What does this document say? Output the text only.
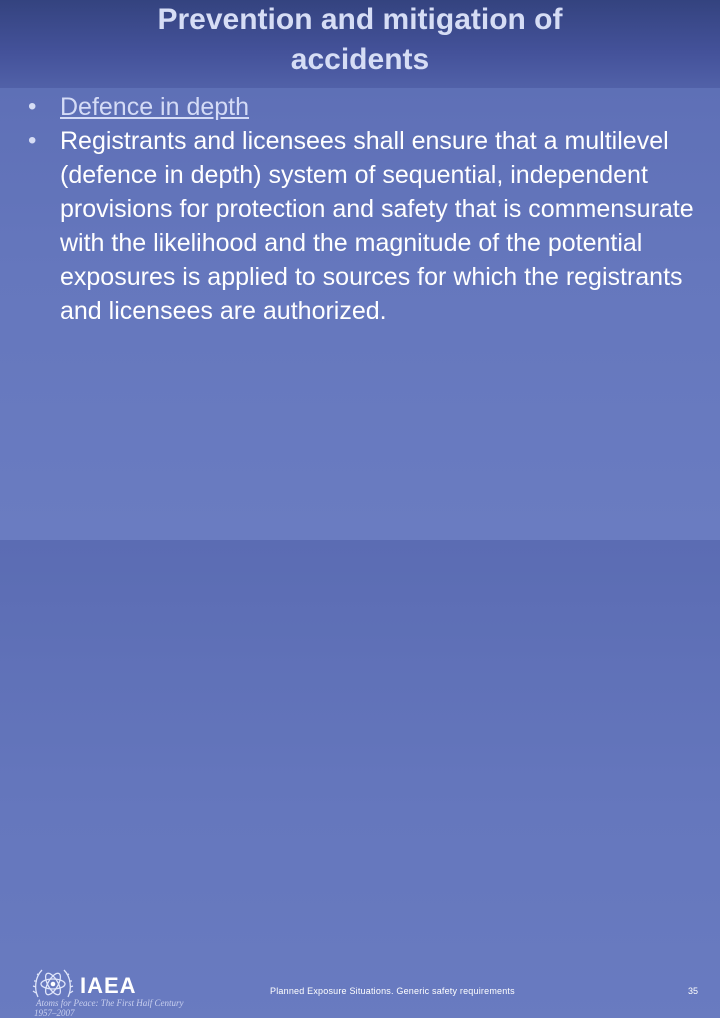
Prevention and mitigation of
accidents
• Defence in depth
• Registrants and licensees shall ensure that a multilevel (defence in depth) system of sequential, independent provisions for protection and safety that is commensurate with the likelihood and the magnitude of the potential exposures is applied to sources for which the registrants and licensees are authorized.
IAEA
Atoms for Peace: The First Half Century
1957–2007
Planned Exposure Situations. Generic safety requirements	35
